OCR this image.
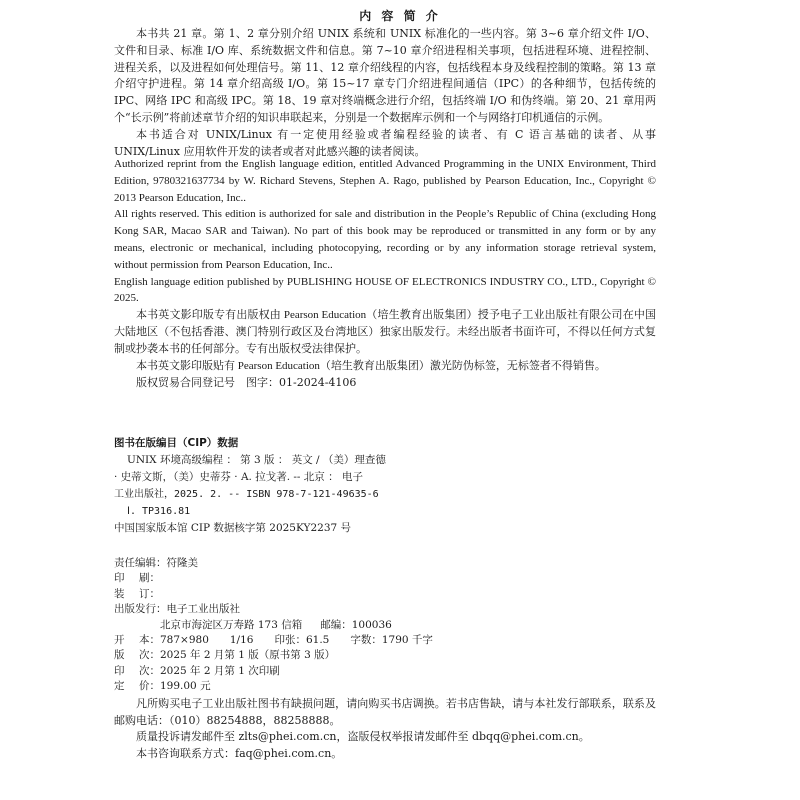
内 容 简 介

本书共 21 章。第 1、2 章分别介绍 UNIX 系统和 UNIX 标准化的一些内容。第 3~6 章介绍文件 I/O、文件和目录、标准 I/O 库、系统数据文件和信息。第 7~10 章介绍进程相关事项，包括进程环境、进程控制、进程关系，以及进程如何处理信号。第 11、12 章介绍线程的内容，包括线程本身及线程控制的策略。第 13 章介绍守护进程。第 14 章介绍高级 I/O。第 15~17 章专门介绍进程间通信（IPC）的各种细节，包括传统的 IPC、网络 IPC 和高级 IPC。第 18、19 章对终端概念进行介绍，包括终端 I/O 和伪终端。第 20、21 章用两个“长示例”将前述章节介绍的知识串联起来，分别是一个数据库示例和一个与网络打印机通信的示例。

本书适合对 UNIX/Linux 有一定使用经验或者编程经验的读者、有 C 语言基础的读者、从事 UNIX/Linux 应用软件开发的读者或者对此感兴趣的读者阅读。

Authorized reprint from the English language edition, entitled Advanced Programming in the UNIX Environment, Third Edition, 9780321637734 by W. Richard Stevens, Stephen A. Rago, published by Pearson Education, Inc., Copyright © 2013 Pearson Education, Inc..

All rights reserved. This edition is authorized for sale and distribution in the People’s Republic of China (excluding Hong Kong SAR, Macao SAR and Taiwan). No part of this book may be reproduced or transmitted in any form or by any means, electronic or mechanical, including photocopying, recording or by any information storage retrieval system, without permission from Pearson Education, Inc..

English language edition published by PUBLISHING HOUSE OF ELECTRONICS INDUSTRY CO., LTD., Copyright © 2025.

本书英文影印版专有出版权由 Pearson Education（培生教育出版集团）授予电子工业出版社有限公司在中国大陆地区（不包括香港、澳门特别行政区及台湾地区）独家出版发行。未经出版者书面许可，不得以任何方式复制或抄袭本书的任何部分。专有出版权受法律保护。

本书英文影印版贴有 Pearson Education（培生教育出版集团）激光防伪标签，无标签者不得销售。

版权贸易合同登记号　图字：01-2024-4106
图书在版编目（CIP）数据
UNIX 环境高级编程 ： 第 3 版 ： 英文 / （美）理查德
· 史蒂文斯，（美）史蒂芬 · A. 拉戈著. -- 北京 ： 电子
工业出版社，2025. 2. -- ISBN 978-7-121-49635-6
Ⅰ. TP316.81
中国国家版本馆 CIP 数据核字第 2025KY2237 号
责任编辑： 符隆美
印 刷：
装 订：
出版发行： 电子工业出版社
北京市海淀区万寿路 173 信箱 邮编：100036
开 本： 787×980　　1/16　　印张：61.5　　字数：1790 千字
版 次： 2025 年 2 月第 1 版（原书第 3 版）
印 次： 2025 年 2 月第 1 次印刷
定 价： 199.00 元

凡所购买电子工业出版社图书有缺损问题，请向购买书店调换。若书店售缺，请与本社发行部联系，联系及邮购电话：（010）88254888，88258888。

质量投诉请发邮件至 zlts@phei.com.cn，盗版侵权举报请发邮件至 dbqq@phei.com.cn。

本书咨询联系方式：faq@phei.com.cn。
